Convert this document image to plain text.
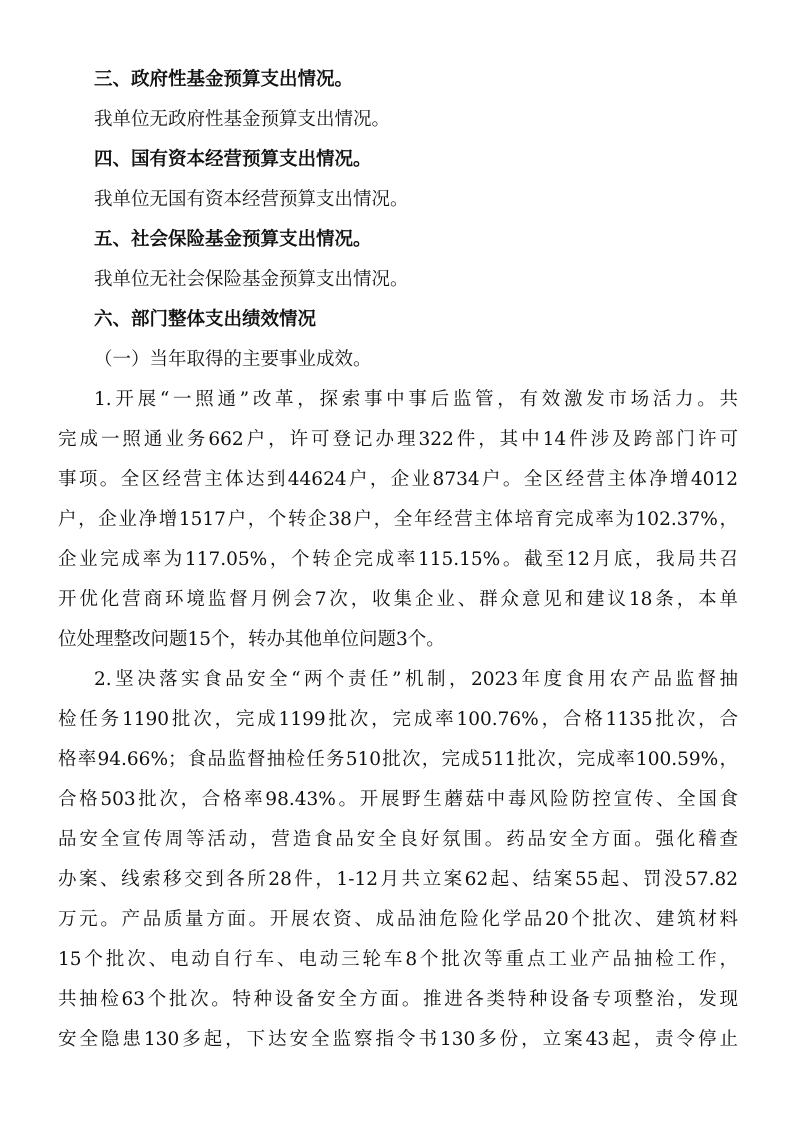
三、政府性基金预算支出情况。

我单位无政府性基金预算支出情况。

四、国有资本经营预算支出情况。

我单位无国有资本经营预算支出情况。

五、社会保险基金预算支出情况。

我单位无社会保险基金预算支出情况。

六、部门整体支出绩效情况

（一）当年取得的主要事业成效。

1.开展“一照通”改革，探索事中事后监管，有效激发市场活力。共

完成一照通业务662户，许可登记办理322件，其中14件涉及跨部门许可

事项。全区经营主体达到44624户，企业8734户。全区经营主体净增4012

户，企业净增1517户，个转企38户，全年经营主体培育完成率为102.37%，

企业完成率为117.05%，个转企完成率115.15%。截至12月底，我局共召

开优化营商环境监督月例会7次，收集企业、群众意见和建议18条，本单

位处理整改问题15个，转办其他单位问题3个。

2.坚决落实食品安全“两个责任”机制，2023年度食用农产品监督抽

检任务1190批次，完成1199批次，完成率100.76%，合格1135批次，合

格率94.66%；食品监督抽检任务510批次，完成511批次，完成率100.59%，

合格503批次，合格率98.43%。开展野生蘑菇中毒风险防控宣传、全国食

品安全宣传周等活动，营造食品安全良好氛围。药品安全方面。强化稽查

办案、线索移交到各所28件，1-12月共立案62起、结案55起、罚没57.82

万元。产品质量方面。开展农资、成品油危险化学品20个批次、建筑材料

15个批次、电动自行车、电动三轮车8个批次等重点工业产品抽检工作，

共抽检63个批次。特种设备安全方面。推进各类特种设备专项整治，发现

安全隐患130多起，下达安全监察指令书130多份，立案43起，责令停止
